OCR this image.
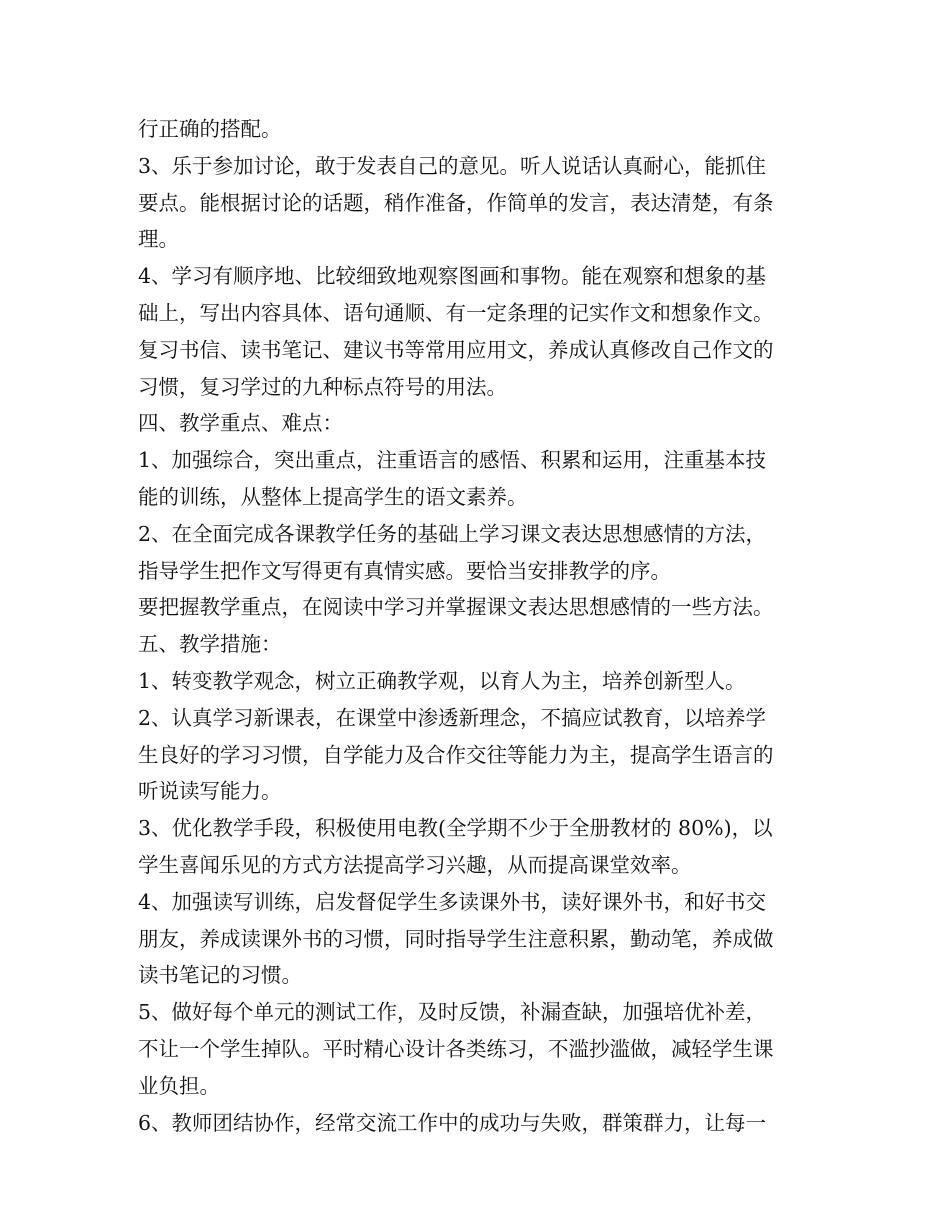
行正确的搭配。
3、乐于参加讨论，敢于发表自己的意见。听人说话认真耐心，能抓住
要点。能根据讨论的话题，稍作准备，作简单的发言，表达清楚，有条
理。
4、学习有顺序地、比较细致地观察图画和事物。能在观察和想象的基
础上，写出内容具体、语句通顺、有一定条理的记实作文和想象作文。
复习书信、读书笔记、建议书等常用应用文，养成认真修改自己作文的
习惯，复习学过的九种标点符号的用法。
四、教学重点、难点：
1、加强综合，突出重点，注重语言的感悟、积累和运用，注重基本技
能的训练，从整体上提高学生的语文素养。
2、在全面完成各课教学任务的基础上学习课文表达思想感情的方法，
指导学生把作文写得更有真情实感。要恰当安排教学的序。
要把握教学重点，在阅读中学习并掌握课文表达思想感情的一些方法。
五、教学措施：
1、转变教学观念，树立正确教学观，以育人为主，培养创新型人。
2、认真学习新课表，在课堂中渗透新理念，不搞应试教育，以培养学
生良好的学习习惯，自学能力及合作交往等能力为主，提高学生语言的
听说读写能力。
3、优化教学手段，积极使用电教(全学期不少于全册教材的 80%)，以
学生喜闻乐见的方式方法提高学习兴趣，从而提高课堂效率。
4、加强读写训练，启发督促学生多读课外书，读好课外书，和好书交
朋友，养成读课外书的习惯，同时指导学生注意积累，勤动笔，养成做
读书笔记的习惯。
5、做好每个单元的测试工作，及时反馈，补漏查缺，加强培优补差，
不让一个学生掉队。平时精心设计各类练习，不滥抄滥做，减轻学生课
业负担。
6、教师团结协作，经常交流工作中的成功与失败，群策群力，让每一
